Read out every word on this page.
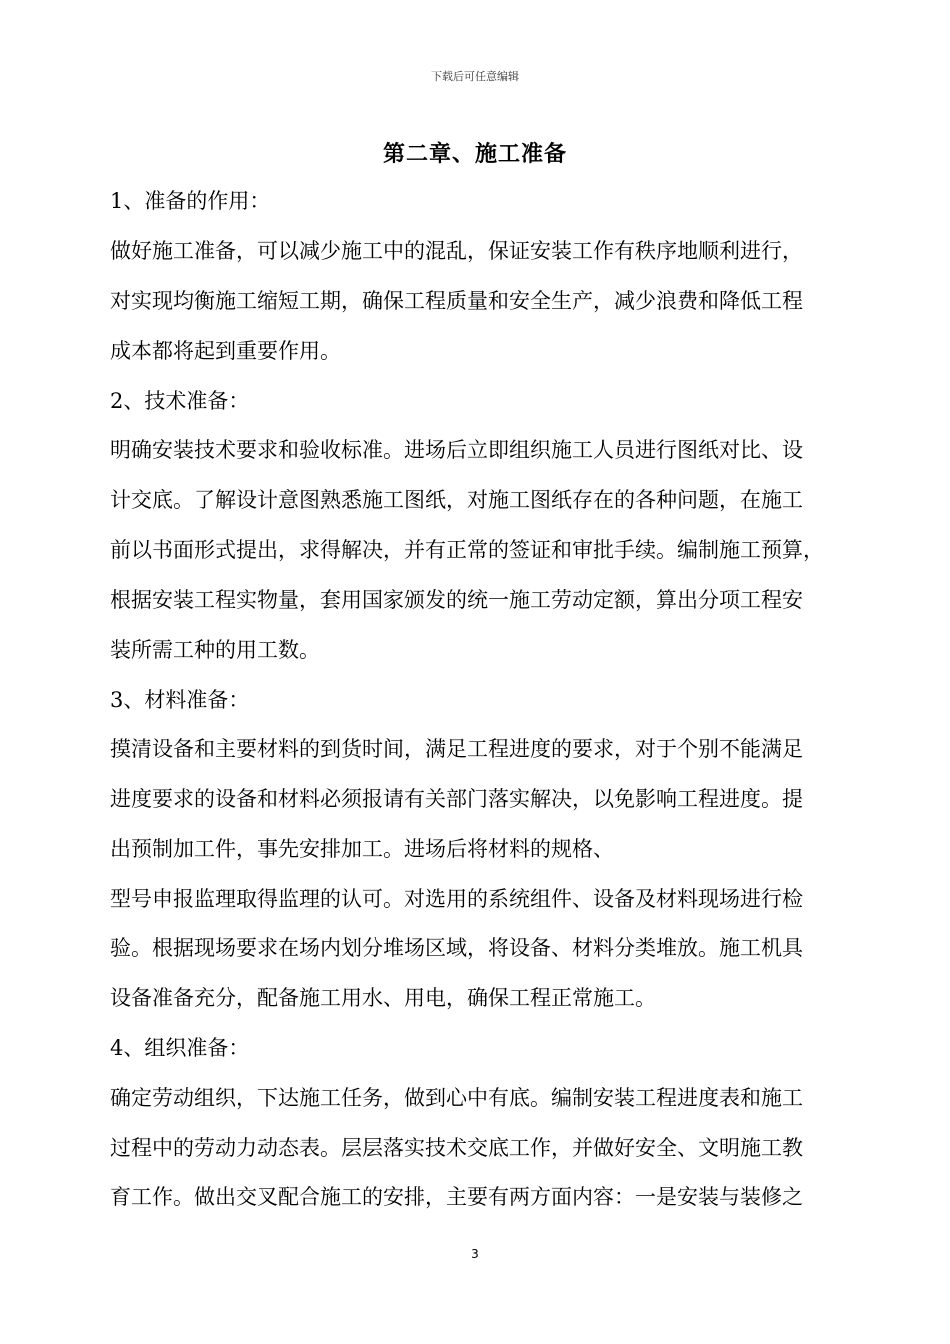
下载后可任意编辑
第二章、施工准备
1、准备的作用：
做好施工准备，可以减少施工中的混乱，保证安装工作有秩序地顺利进行，
对实现均衡施工缩短工期，确保工程质量和安全生产，减少浪费和降低工程
成本都将起到重要作用。
2、技术准备：
明确安装技术要求和验收标准。进场后立即组织施工人员进行图纸对比、设
计交底。了解设计意图熟悉施工图纸，对施工图纸存在的各种问题，在施工
前以书面形式提出，求得解决，并有正常的签证和审批手续。编制施工预算，
根据安装工程实物量，套用国家颁发的统一施工劳动定额，算出分项工程安
装所需工种的用工数。
3、材料准备：
摸清设备和主要材料的到货时间，满足工程进度的要求，对于个别不能满足
进度要求的设备和材料必须报请有关部门落实解决，以免影响工程进度。提
出预制加工件，事先安排加工。进场后将材料的规格、
型号申报监理取得监理的认可。对选用的系统组件、设备及材料现场进行检
验。根据现场要求在场内划分堆场区域，将设备、材料分类堆放。施工机具
设备准备充分，配备施工用水、用电，确保工程正常施工。
4、组织准备：
确定劳动组织，下达施工任务，做到心中有底。编制安装工程进度表和施工
过程中的劳动力动态表。层层落实技术交底工作，并做好安全、文明施工教
育工作。做出交叉配合施工的安排，主要有两方面内容：一是安装与装修之
3
